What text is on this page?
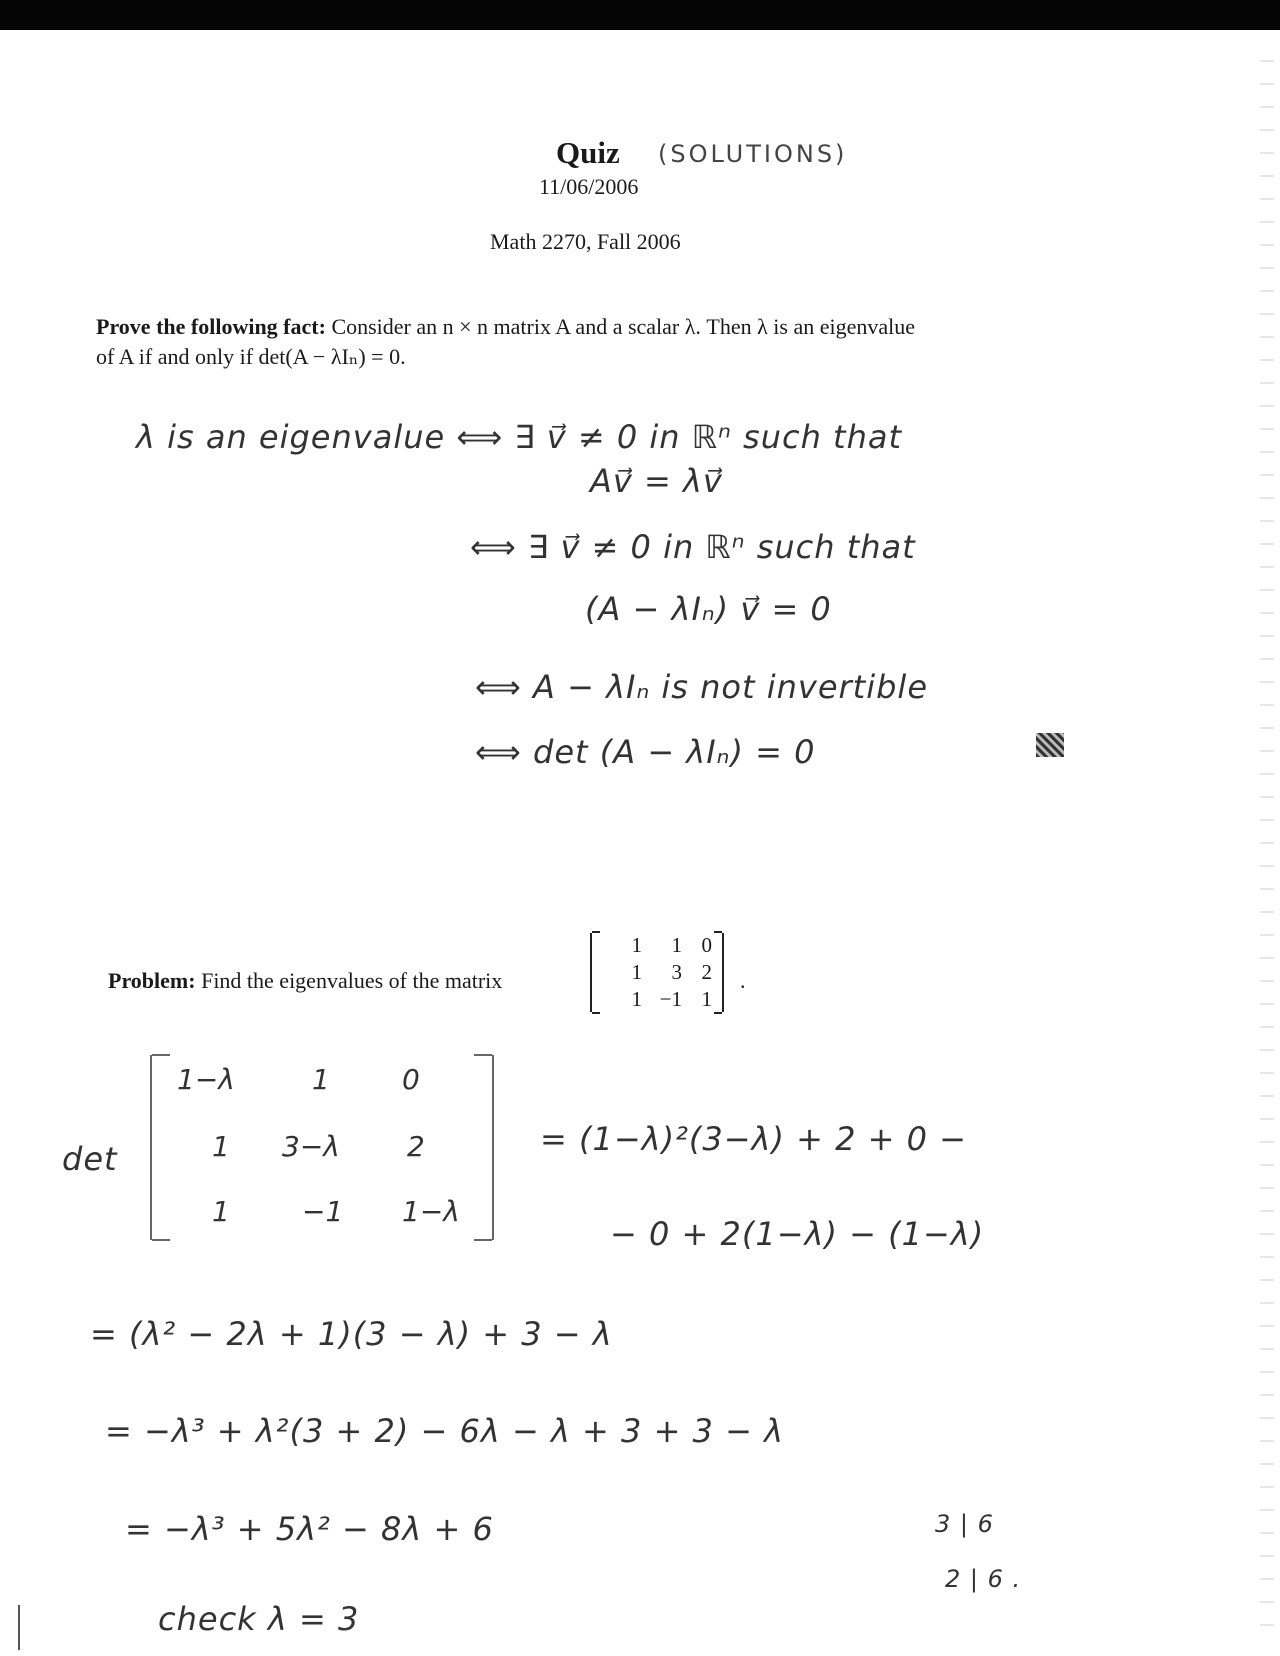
Quiz (SOLUTIONS)
11/06/2006
Math 2270, Fall 2006
Prove the following fact: Consider an n × n matrix A and a scalar λ. Then λ is an eigenvalue
of A if and only if det(A − λIₙ) = 0.
λ is an eigenvalue ⟺ ∃ v⃗ ≠ 0 in ℝⁿ such that
Av⃗ = λv⃗
⟺ ∃ v⃗ ≠ 0 in ℝⁿ such that
(A − λIₙ) v⃗ = 0
⟺ A − λIₙ is not invertible
⟺ det (A − λIₙ) = 0
Problem: Find the eigenvalues of the matrix
1	1 0
1	3 2
1 −1 1
.
det
1−λ	1	0
1 3−λ 2
1	−1 1−λ
= (1−λ)²(3−λ) + 2 + 0 −
− 0 + 2(1−λ) − (1−λ)
= (λ² − 2λ + 1)(3 − λ) + 3 − λ
= −λ³ + λ²(3 + 2) − 6λ − λ + 3 + 3 − λ
= −λ³ + 5λ² − 8λ + 6	3 | 6
2 | 6 .
check λ = 3
